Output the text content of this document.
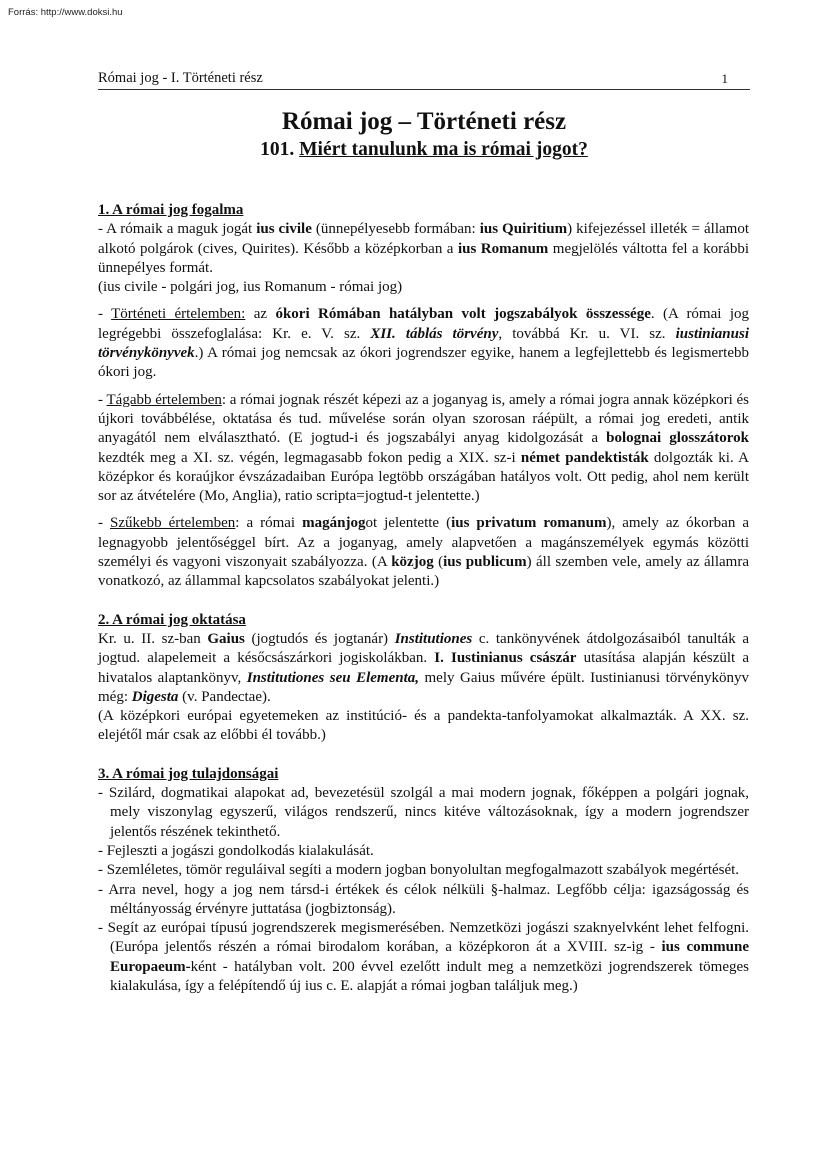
Forrás: http://www.doksi.hu
Római jog - I. Történeti rész	1
Római jog – Történeti rész
101. Miért tanulunk ma is római jogot?

1. A római jog fogalma

- A rómaik a maguk jogát ius civile (ünnepélyesebb formában: ius Quiritium) kifejezéssel illeték = államot alkotó polgárok (cives, Quirites). Később a középkorban a ius Romanum megjelölés váltotta fel a korábbi ünnepélyes formát.

(ius civile - polgári jog, ius Romanum - római jog)

- Történeti értelemben: az ókori Rómában hatályban volt jogszabályok összessége. (A római jog legrégebbi összefoglalása: Kr. e. V. sz. XII. táblás törvény, továbbá Kr. u. VI. sz. iustinianusi törvénykönyvek.) A római jog nemcsak az ókori jogrendszer egyike, hanem a legfejlettebb és legismertebb ókori jog.

- Tágabb értelemben: a római jognak részét képezi az a joganyag is, amely a római jogra annak középkori és újkori továbbélése, oktatása és tud. művelése során olyan szorosan ráépült, a római jog eredeti, antik anyagától nem elválasztható. (E jogtud-i és jogszabályi anyag kidolgozását a bolognai glosszátorok kezdték meg a XI. sz. végén, legmagasabb fokon pedig a XIX. sz-i német pandektisták dolgozták ki. A középkor és koraújkor évszázadaiban Európa legtöbb országában hatályos volt. Ott pedig, ahol nem került sor az átvételére (Mo, Anglia), ratio scripta=jogtud-t jelentette.)

- Szűkebb értelemben: a római magánjogot jelentette (ius privatum romanum), amely az ókorban a legnagyobb jelentőséggel bírt. Az a joganyag, amely alapvetően a magánszemélyek egymás közötti személyi és vagyoni viszonyait szabályozza. (A közjog (ius publicum) áll szemben vele, amely az államra vonatkozó, az állammal kapcsolatos szabályokat jelenti.)

2. A római jog oktatása

Kr. u. II. sz-ban Gaius (jogtudós és jogtanár) Institutiones c. tankönyvének átdolgozásaiból tanulták a jogtud. alapelemeit a későcsászárkori jogiskolákban. I. Iustinianus császár utasítása alapján készült a hivatalos alaptankönyv, Institutiones seu Elementa, mely Gaius művére épült. Iustinianusi törvénykönyv még: Digesta (v. Pandectae).

(A középkori európai egyetemeken az institúció- és a pandekta-tanfolyamokat alkalmazták. A XX. sz. elejétől már csak az előbbi él tovább.)

3. A római jog tulajdonságai

- Szilárd, dogmatikai alapokat ad, bevezetésül szolgál a mai modern jognak, főképpen a polgári jognak, mely viszonylag egyszerű, világos rendszerű, nincs kitéve változásoknak, így a modern jogrendszer jelentős részének tekinthető.

- Fejleszti a jogászi gondolkodás kialakulását.

- Szemléletes, tömör reguláival segíti a modern jogban bonyolultan megfogalmazott szabályok megértését.

- Arra nevel, hogy a jog nem társd-i értékek és célok nélküli §-halmaz. Legfőbb célja: igazságosság és méltányosság érvényre juttatása (jogbiztonság).

- Segít az európai típusú jogrendszerek megismerésében. Nemzetközi jogászi szaknyelvként lehet felfogni. (Európa jelentős részén a római birodalom korában, a középkoron át a XVIII. sz-ig - ius commune Europaeum-ként - hatályban volt. 200 évvel ezelőtt indult meg a nemzetközi jogrendszerek tömeges kialakulása, így a felépítendő új ius c. E. alapját a római jogban találjuk meg.)
